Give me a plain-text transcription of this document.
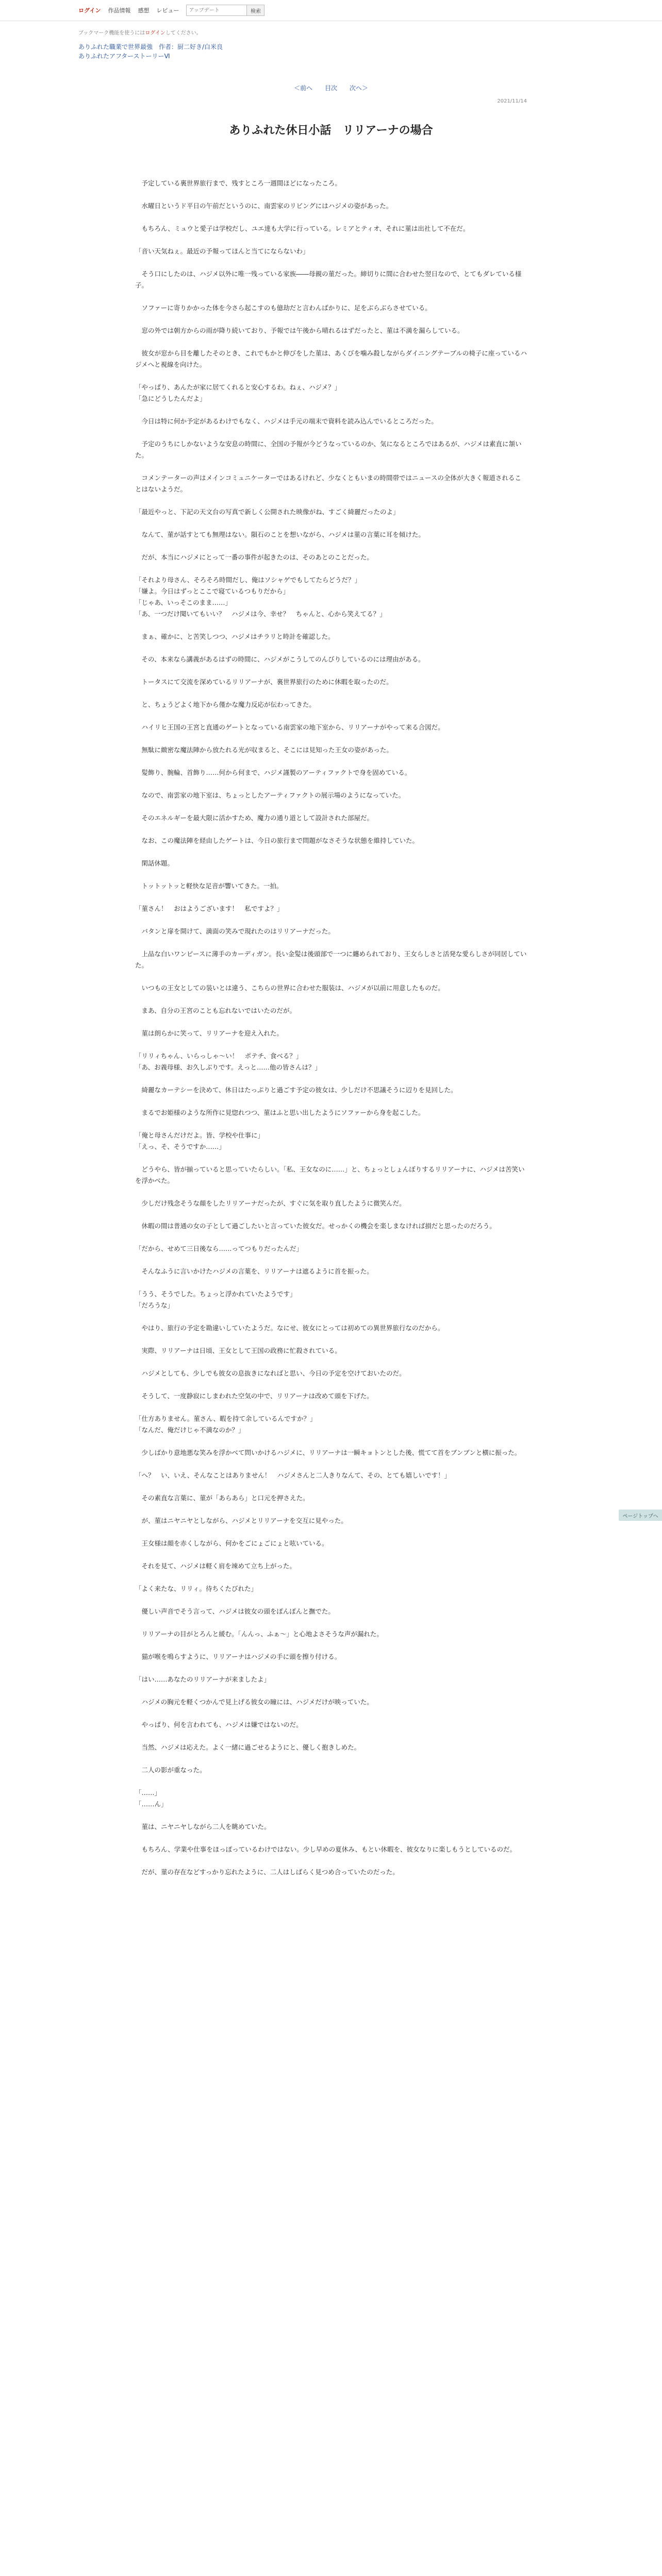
ログイン 作品情報 感想 レビュー
アップデート	検索
ブックマーク機能を使うにはログインしてください。
ありふれた職業で世界最強　作者：厨二好き/白米良
ありふれたアフターストーリーⅥ
＜前へ 目次 次へ＞
2021/11/14
ありふれた休日小話　リリアーナの場合

　予定している裏世界旅行まで、残すところ一週間ほどになったころ。

　水曜日というド平日の午前だというのに、南雲家のリビングにはハジメの姿があった。

　もちろん、ミュウと愛子は学校だし、ユエ達も大学に行っている。レミアとティオ、それに菫は出社して不在だ。

「音い天気ねぇ。最近の予報ってほんと当てにならないわ」

　そう口にしたのは、ハジメ以外に唯一残っている家族――母親の菫だった。締切りに間に合わせた翌日なので、とてもダレている様子。

　ソファーに寄りかかった体を今さら起こすのも億劫だと言わんばかりに、足をぶらぶらさせている。

　窓の外では朝方からの雨が降り続いており、予報では午後から晴れるはずだったと、菫は不満を漏らしている。

　彼女が窓から目を離したそのとき、これでもかと伸びをした菫は、あくびを噛み殺しながらダイニングテーブルの椅子に座っているハジメへと視線を向けた。

「やっぱり、あんたが家に居てくれると安心するわ。ねぇ、ハジメ？」
「急にどうしたんだよ」

　今日は特に何か予定があるわけでもなく、ハジメは手元の端末で資料を読み込んでいるところだった。

　予定のうちにしかないような安息の時間に、全国の予報が今どうなっているのか、気になるところではあるが、ハジメは素直に頷いた。

　コメンテーターの声はメインコミュニケーターではあるけれど、少なくともいまの時間帯ではニュースの全体が大きく報道されることはないようだ。

「最近やっと、下記の天文台の写真で新しく公開された映像がね、すごく綺麗だったのよ」

　なんて、菫が話すとても無理はない。隕石のことを想いながら、ハジメは菫の言葉に耳を傾けた。

　だが、本当にハジメにとって一番の事件が起きたのは、そのあとのことだった。

「それより母さん、そろそろ時間だし、俺はソシャゲでもしてたらどうだ？」
「嫌よ。今日はずっとここで寝ているつもりだから」
「じゃあ、いっそこのまま……」
「あ、一つだけ聞いてもいい？　ハジメは今、幸せ？　ちゃんと、心から笑えてる？」

　まぁ、確かに、と苦笑しつつ、ハジメはチラリと時計を確認した。

　その、本来なら講義があるはずの時間に、ハジメがこうしてのんびりしているのには理由がある。

　トータスにて交流を深めているリリアーナが、裏世界旅行のために休暇を取ったのだ。

　と、ちょうどよく地下から僅かな魔力反応が伝わってきた。

　ハイリヒ王国の王宮と直通のゲートとなっている南雲家の地下室から、リリアーナがやって来る合図だ。

　無駄に緻密な魔法陣から放たれる光が収まると、そこには見知った王女の姿があった。

　髪飾り、腕輪、首飾り……何から何まで、ハジメ謹製のアーティファクトで身を固めている。

　なので、南雲家の地下室は、ちょっとしたアーティファクトの展示場のようになっていた。

　そのエネルギーを最大限に活かすため、魔力の通り道として設計された部屋だ。

　なお、この魔法陣を経由したゲートは、今日の旅行まで問題がなさそうな状態を維持していた。

　閑話休題。

　トットットッと軽快な足音が響いてきた。一拍。

「菫さん！　おはようございます！　私ですよ？」

　バタンと扉を開けて、満面の笑みで現れたのはリリアーナだった。

　上品な白いワンピースに薄手のカーディガン。長い金髪は後頭部で一つに纏められており、王女らしさと活発な愛らしさが同居していた。

　いつもの王女としての装いとは違う、こちらの世界に合わせた服装は、ハジメが以前に用意したものだ。

　まあ、自分の王宮のことも忘れないではいたのだが。

　菫は朗らかに笑って、リリアーナを迎え入れた。

「リリィちゃん、いらっしゃ～い！　ポテチ、食べる？」
「あ、お義母様、お久しぶりです。えっと……他の皆さんは？」

　綺麗なカーテシーを決めて、休日はたっぷりと過ごす予定の彼女は、少しだけ不思議そうに辺りを見回した。

　まるでお姫様のような所作に見惚れつつ、菫はふと思い出したようにソファーから身を起こした。

「俺と母さんだけだよ。皆、学校や仕事に」
「えっ、そ、そうですか……」

　どうやら、皆が揃っていると思っていたらしい。「私、王女なのに……」と、ちょっとしょんぼりするリリアーナに、ハジメは苦笑いを浮かべた。

　少しだけ残念そうな顔をしたリリアーナだったが、すぐに気を取り直したように微笑んだ。

　休暇の間は普通の女の子として過ごしたいと言っていた彼女だ。せっかくの機会を楽しまなければ損だと思ったのだろう。

「だから、せめて三日後なら……ってつもりだったんだ」

　そんなふうに言いかけたハジメの言葉を、リリアーナは遮るように首を振った。

「うう、そうでした。ちょっと浮かれていたようです」
「だろうな」

　やはり、旅行の予定を勘違いしていたようだ。なにせ、彼女にとっては初めての異世界旅行なのだから。

　実際、リリアーナは日頃、王女として王国の政務に忙殺されている。

　ハジメとしても、少しでも彼女の息抜きになればと思い、今日の予定を空けておいたのだ。

　そうして、一度静寂にしまわれた空気の中で、リリアーナは改めて頭を下げた。

「仕方ありません。菫さん、暇を持て余しているんですか？」
「なんだ、俺だけじゃ不満なのか？」

　少しばかり意地悪な笑みを浮かべて問いかけるハジメに、リリアーナは一瞬キョトンとした後、慌てて首をブンブンと横に振った。

「へ？　い、いえ、そんなことはありません！　ハジメさんと二人きりなんて、その、とても嬉しいです！」

　その素直な言葉に、菫が「あらあら」と口元を押さえた。

　が、菫はニヤニヤとしながら、ハジメとリリアーナを交互に見やった。

　王女様は顔を赤くしながら、何かをごにょごにょと呟いている。

　それを見て、ハジメは軽く肩を竦めて立ち上がった。

「よく来たな、リリィ。待ちくたびれた」

　優しい声音でそう言って、ハジメは彼女の頭をぽんぽんと撫でた。

　リリアーナの目がとろんと緩む。「んんっ、ふぁ～」と心地よさそうな声が漏れた。

　猫が喉を鳴らすように、リリアーナはハジメの手に頭を擦り付ける。

「はい……あなたのリリアーナが来ましたよ」

　ハジメの胸元を軽くつかんで見上げる彼女の瞳には、ハジメだけが映っていた。

　やっぱり、何を言われても、ハジメは嫌ではないのだ。

　当然、ハジメは応えた。よく一緒に過ごせるようにと、優しく抱きしめた。

　二人の影が重なった。

「……」
「……ん」

　菫は、ニヤニヤしながら二人を眺めていた。

　もちろん、学業や仕事をほっぽっているわけではない。少し早めの夏休み、もとい休暇を、彼女なりに楽しもうとしているのだ。

　だが、菫の存在などすっかり忘れたように、二人はしばらく見つめ合っていたのだった。

ページトップへ
